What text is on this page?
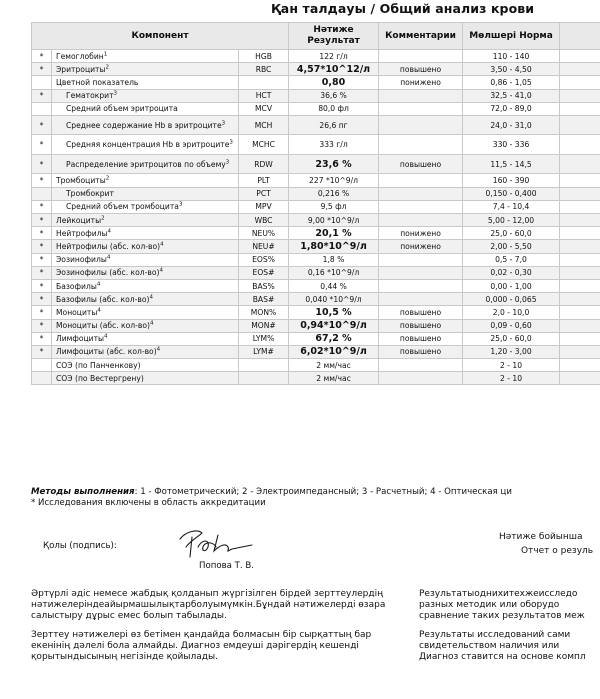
Қан талдауы / Общий анализ крови
Компонент			Нәтиже Результат	Комментарии	Мөлшері Норма	
*	Гемоглобин$^1$	HGB	122 г/л		110 - 140	
*	Эритроциты$^2$	RBC	4,57*10^12/л	повышено	3,50 - 4,50	
	Цветной показатель		0,80	понижено	0,86 - 1,05	
*	Гематокрит$^3$	HCT	36,6 %		32,5 - 41,0	
	Средний объем эритроцита	MCV	80,0 фл		72,0 - 89,0	
*	Среднее содержание Hb в эритроците$^3$	MCH	26,6 пг		24,0 - 31,0	
*	Средняя концентрация Hb в эритроците$^3$	MCHC	333 г/л		330 - 336	
*	Распределение эритроцитов по объему$^3$	RDW	23,6 %	повышено	11,5 - 14,5	
*	Тромбоциты$^2$	PLT	227 *10^9/л		160 - 390	
	Тромбокрит	PCT	0,216 %		0,150 - 0,400	
*	Средний объем тромбоцита$^3$	MPV	9,5 фл		7,4 - 10,4	
*	Лейкоциты$^2$	WBC	9,00 *10^9/л		5,00 - 12,00	
*	Нейтрофилы$^4$	NEU%	20,1 %	понижено	25,0 - 60,0	
*	Нейтрофилы (абс. кол-во)$^4$	NEU#	1,80*10^9/л	понижено	2,00 - 5,50	
*	Эозинофилы$^4$	EOS%	1,8 %		0,5 - 7,0	
*	Эозинофилы (абс. кол-во)$^4$	EOS#	0,16 *10^9/л		0,02 - 0,30	
*	Базофилы$^4$	BAS%	0,44 %		0,00 - 1,00	
*	Базофилы (абс. кол-во)$^4$	BAS#	0,040 *10^9/л		0,000 - 0,065	
*	Моноциты$^4$	MON%	10,5 %	повышено	2,0 - 10,0	
*	Моноциты (абс. кол-во)$^4$	MON#	0,94*10^9/л	повышено	0,09 - 0,60	
*	Лимфоциты$^4$	LYM%	67,2 %	повышено	25,0 - 60,0	
*	Лимфоциты (абс. кол-во)$^4$	LYM#	6,02*10^9/л	повышено	1,20 - 3,00	
	СОЭ (по Панченкову)		2 мм/час		2 - 10	
	СОЭ (по Вестергрену)		2 мм/час		2 - 10	
Методы выполнения: 1 - Фотометрический; 2 - Электроимпедансный; 3 - Расчетный; 4 - Оптическая ци
* Исследования включены в область аккредитации
Қолы (подпись):
Попова Т. В.
Нәтиже бойынша
Отчет о резуль
Әртүрлі әдіс немесе жабдық қолданып жүргізілген бірдей зерттеулердің нәтижелеріндеайырмашылықтарболуымүмкін.Бұндай нәтижелерді өзара салыстыру дұрыс емес болып табылады.
Результатыоднихитехжеисследо
разных методик или оборудо
сравнение таких результатов меж
Зерттеу нәтижелері өз бетімен қандайда болмасын бір сырқаттың бар екенінің дәлелі бола алмайды. Диагноз емдеуші дәрігердің кешенді қорытындысының негізінде қойылады.
Результаты исследований сами
свидетельством наличия или
Диагноз ставится на основе компл
